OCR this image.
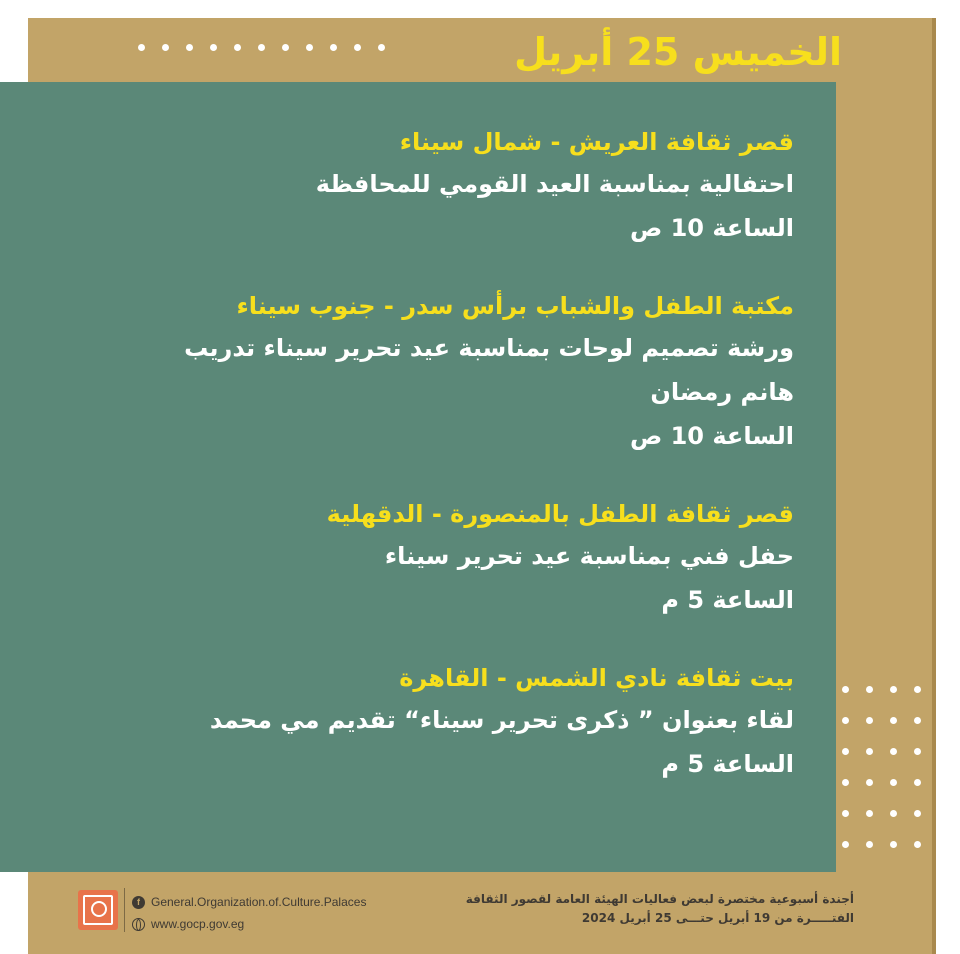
الخميس 25 أبريل
قصر ثقافة العريش - شمال سيناء
احتفالية بمناسبة العيد القومي للمحافظة
الساعة 10 ص
مكتبة الطفل والشباب برأس سدر - جنوب سيناء
ورشة تصميم لوحات بمناسبة عيد تحرير سيناء تدريب هانم رمضان
الساعة 10 ص
قصر ثقافة الطفل بالمنصورة - الدقهلية
حفل فني بمناسبة عيد تحرير سيناء
الساعة 5 م
بيت ثقافة نادي الشمس - القاهرة
لقاء بعنوان ” ذكرى تحرير سيناء“ تقديم مي محمد
الساعة 5 م
f General.Organization.of.Culture.Palaces
www.gocp.gov.eg
أجندة أسبوعية مختصرة لبعض فعاليات الهيئة العامة لقصور الثقافة
الفتـــــرة من 19 أبريل حتـــى 25 أبريل 2024
